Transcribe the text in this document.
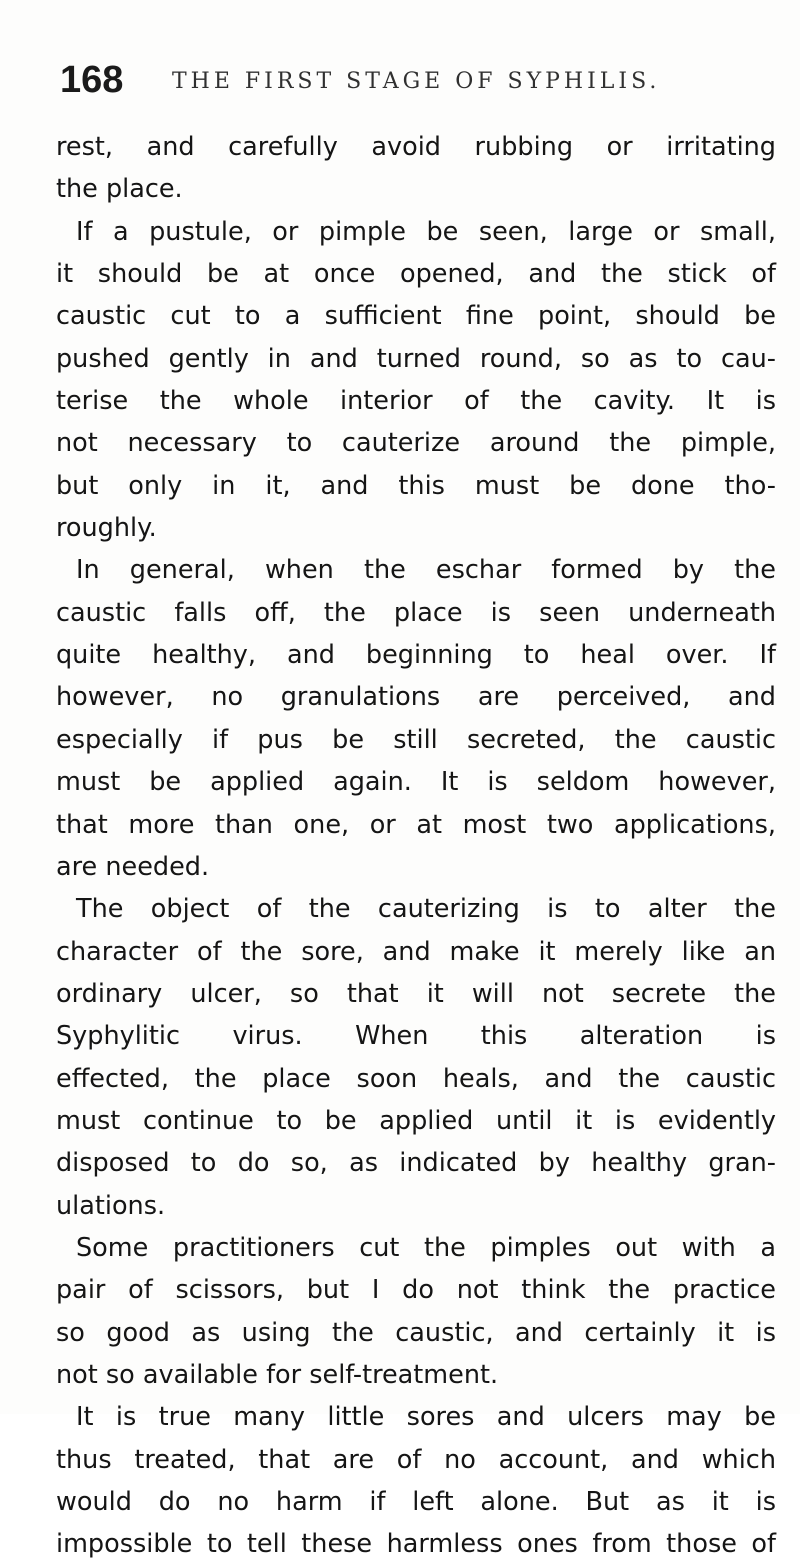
168 THE FIRST STAGE OF SYPHILIS.
rest, and carefully avoid rubbing or irritating
the place.
If a pustule, or pimple be seen, large or small,
it should be at once opened, and the stick of
caustic cut to a sufficient fine point, should be
pushed gently in and turned round, so as to cau-
terise the whole interior of the cavity. It is
not necessary to cauterize around the pimple,
but only in it, and this must be done tho-
roughly.
In general, when the eschar formed by the
caustic falls off, the place is seen underneath
quite healthy, and beginning to heal over. If
however, no granulations are perceived, and
especially if pus be still secreted, the caustic
must be applied again. It is seldom however,
that more than one, or at most two applications,
are needed.
The object of the cauterizing is to alter the
character of the sore, and make it merely like an
ordinary ulcer, so that it will not secrete the
Syphylitic virus. When this alteration is
effected, the place soon heals, and the caustic
must continue to be applied until it is evidently
disposed to do so, as indicated by healthy gran-
ulations.
Some practitioners cut the pimples out with a
pair of scissors, but I do not think the practice
so good as using the caustic, and certainly it is
not so available for self-treatment.
It is true many little sores and ulcers may be
thus treated, that are of no account, and which
would do no harm if left alone. But as it is
impossible to tell these harmless ones from those of
